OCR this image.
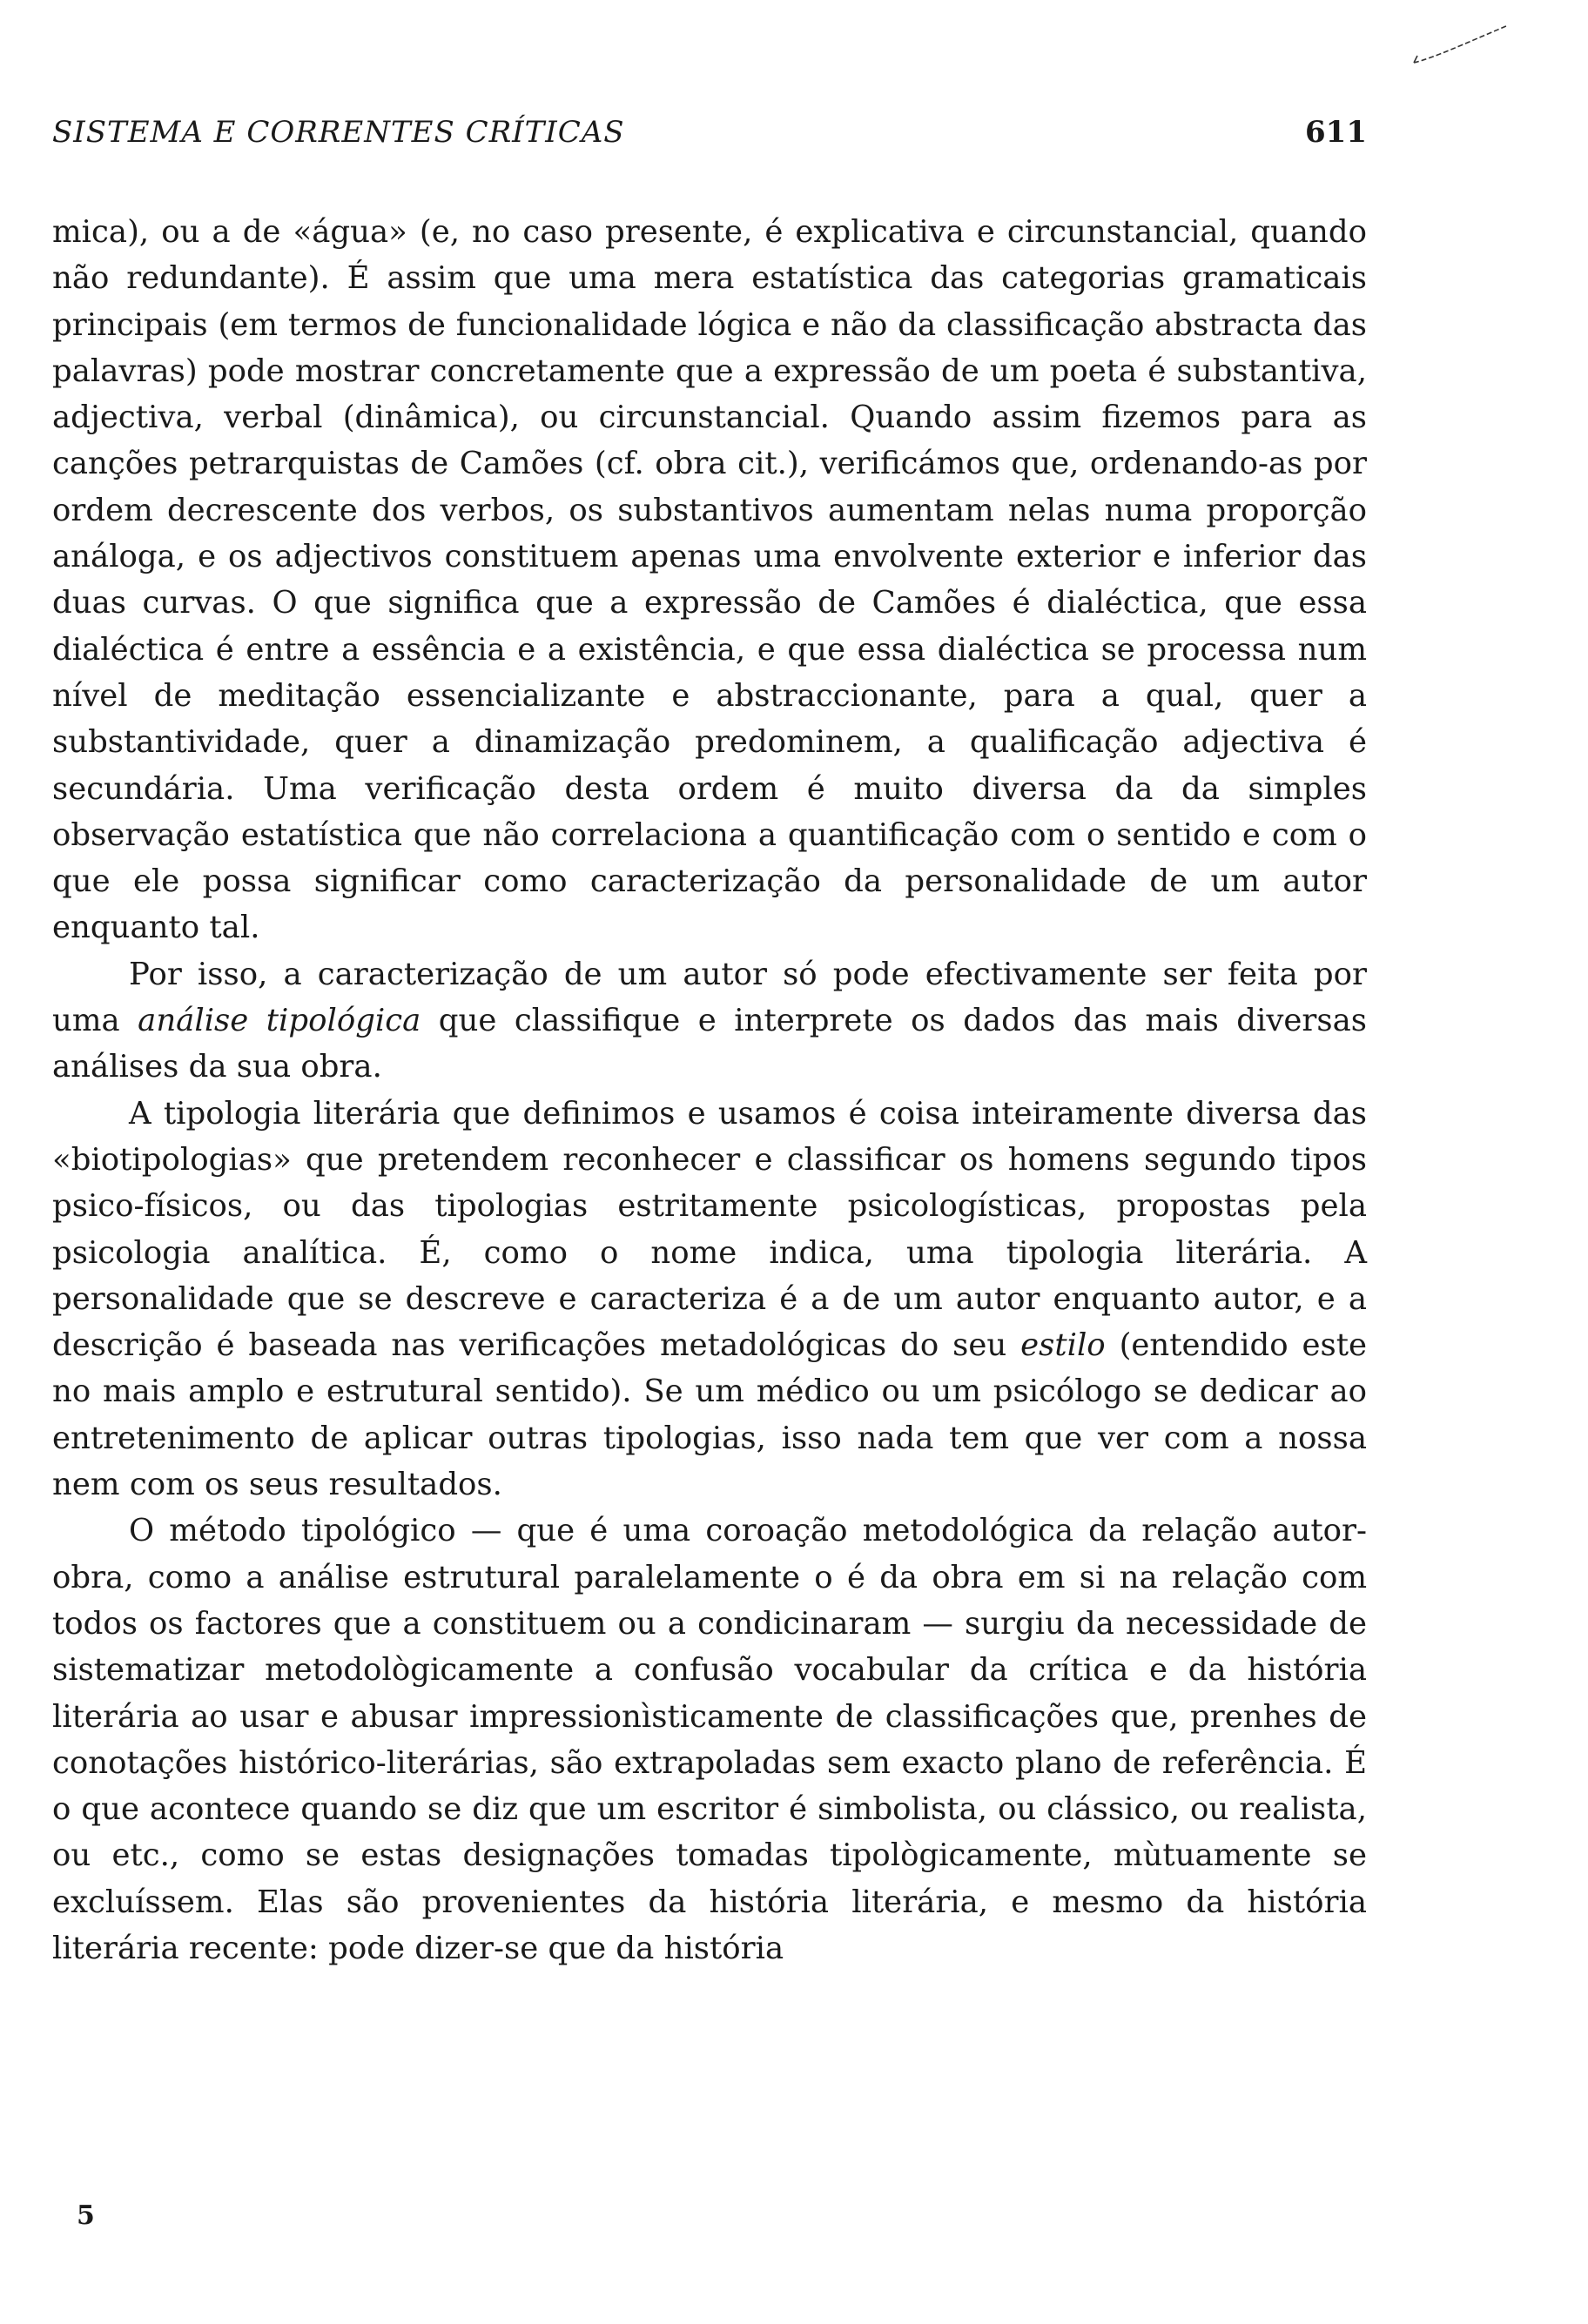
SISTEMA E CORRENTES CRÍTICAS	611

mica), ou a de «água» (e, no caso presente, é explicativa e circunstancial, quando não redundante). É assim que uma mera estatística das categorias gramaticais principais (em termos de funcionalidade lógica e não da classificação abstracta das palavras) pode mostrar concretamente que a expressão de um poeta é substantiva, adjectiva, verbal (dinâmica), ou circunstancial. Quando assim fizemos para as canções petrarquistas de Camões (cf. obra cit.), verificámos que, ordenando-as por ordem decrescente dos verbos, os substantivos aumentam nelas numa proporção análoga, e os adjectivos constituem apenas uma envolvente exterior e inferior das duas curvas. O que significa que a expressão de Camões é dialéctica, que essa dialéctica é entre a essência e a existência, e que essa dialéctica se processa num nível de meditação essencializante e abstraccionante, para a qual, quer a substantividade, quer a dinamização predominem, a qualificação adjectiva é secundária. Uma verificação desta ordem é muito diversa da da simples observação estatística que não correlaciona a quantificação com o sentido e com o que ele possa significar como caracterização da personalidade de um autor enquanto tal.

Por isso, a caracterização de um autor só pode efectivamente ser feita por uma análise tipológica que classifique e interprete os dados das mais diversas análises da sua obra.

A tipologia literária que definimos e usamos é coisa inteiramente diversa das «biotipologias» que pretendem reconhecer e classificar os homens segundo tipos psico-físicos, ou das tipologias estritamente psicologísticas, propostas pela psicologia analítica. É, como o nome indica, uma tipologia literária. A personalidade que se descreve e caracteriza é a de um autor enquanto autor, e a descrição é baseada nas verificações metadológicas do seu estilo (entendido este no mais amplo e estrutural sentido). Se um médico ou um psicólogo se dedicar ao entretenimento de aplicar outras tipologias, isso nada tem que ver com a nossa nem com os seus resultados.

O método tipológico — que é uma coroação metodológica da relação autor-obra, como a análise estrutural paralelamente o é da obra em si na relação com todos os factores que a constituem ou a condicinaram — surgiu da necessidade de sistematizar metodològicamente a confusão vocabular da crítica e da história literária ao usar e abusar impressionìsticamente de classificações que, prenhes de conotações histórico-literárias, são extrapoladas sem exacto plano de referência. É o que acontece quando se diz que um escritor é simbolista, ou clássico, ou realista, ou etc., como se estas designações tomadas tipològicamente, mùtuamente se excluíssem. Elas são provenientes da história literária, e mesmo da história literária recente: pode dizer-se que da história

5
